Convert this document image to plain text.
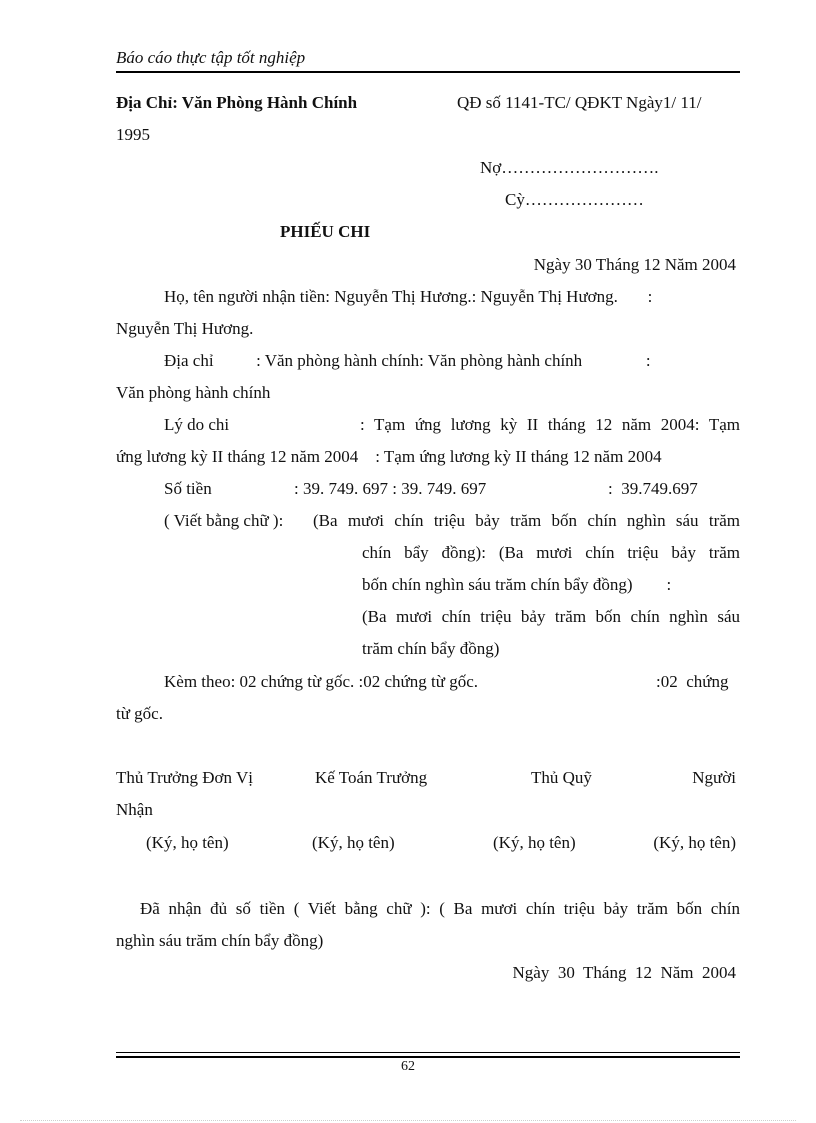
Báo cáo thực tập tốt nghiệp
Địa Chỉ: Văn Phòng Hành Chính	QĐ số 1141-TC/ QĐKT Ngày1/ 11/
1995
Nợ……………………….
Cỳ…………………
PHIẾU CHI
Ngày 30 Tháng 12 Năm 2004
Họ, tên người nhận tiền: Nguyễn Thị Hương.: Nguyễn Thị Hương.       :
Nguyễn Thị Hương.
Địa chỉ          : Văn phòng hành chính: Văn phòng hành chính               :
Văn phòng hành chính
Lý do chi	: Tạm ứng lương kỳ II tháng 12 năm 2004: Tạm
ứng lương kỳ II tháng 12 năm 2004    : Tạm ứng lương kỳ II tháng 12 năm 2004
Số tiền	: 39. 749. 697 : 39. 749. 697	:  39.749.697
( Viết bằng chữ ): (Ba mươi chín triệu bảy trăm bốn chín nghìn sáu trăm
chín bẩy đồng): (Ba mươi chín triệu bảy trăm
bốn chín nghìn sáu trăm chín bẩy đồng)        :
(Ba mươi chín triệu bảy trăm bốn chín nghìn sáu
trăm chín bẩy đồng)
Kèm theo: 02 chứng từ gốc. :02 chứng từ gốc.	:02  chứng
từ gốc.
Thủ Trưởng Đơn Vị	Kế Toán Trưởng	Thủ Quỹ	Người
Nhận
(Ký, họ tên)	(Ký, họ tên)	(Ký, họ tên)	(Ký, họ tên)
Đã nhận đủ số tiền ( Viết bằng chữ ): ( Ba mươi chín triệu bảy trăm bốn chín
nghìn sáu trăm chín bẩy đồng)
Ngày  30  Tháng  12  Năm  2004
62
